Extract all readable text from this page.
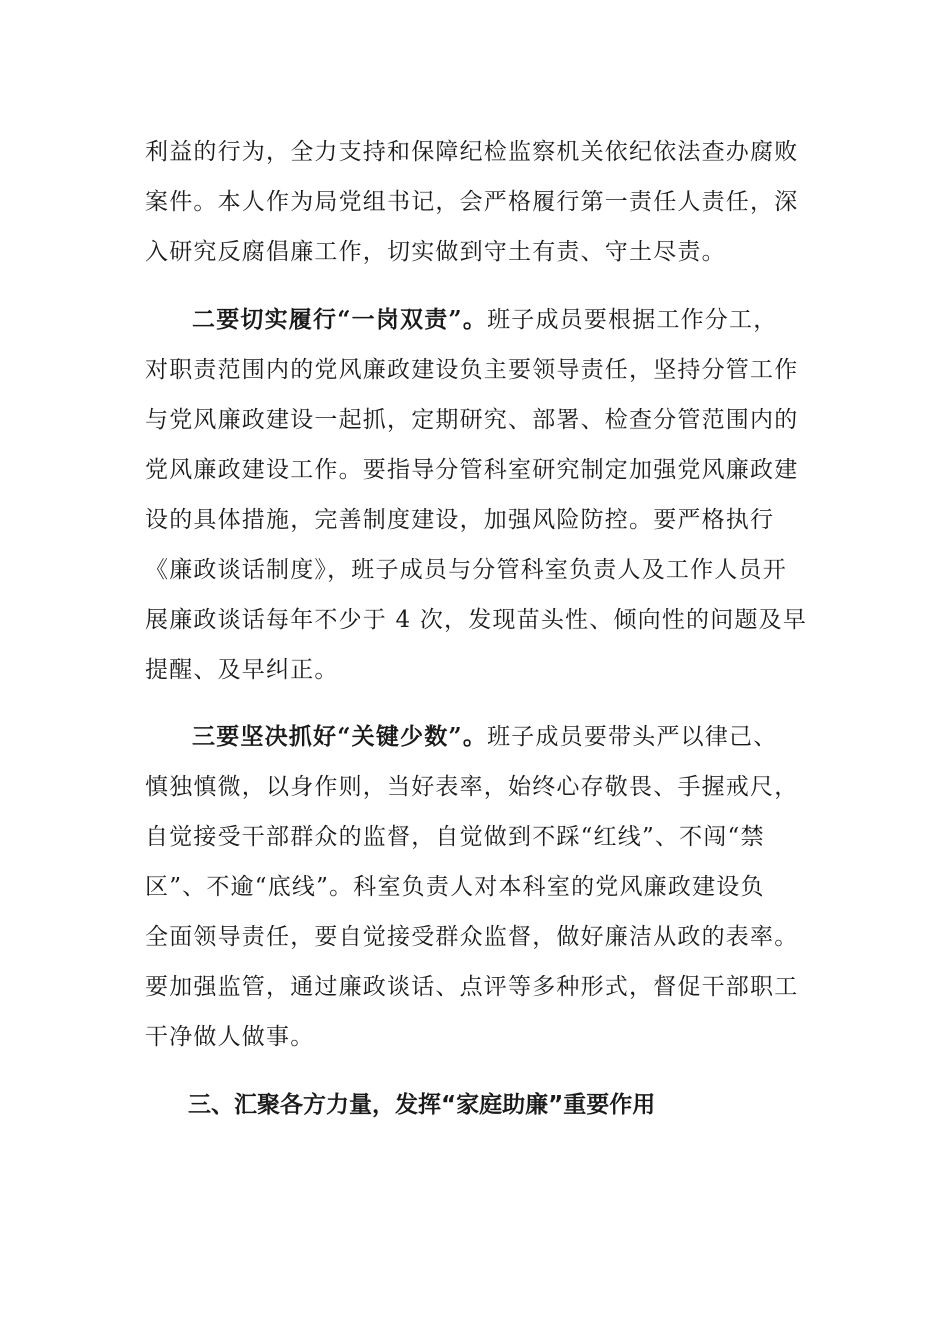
利益的行为，全力支持和保障纪检监察机关依纪依法查办腐败
案件。本人作为局党组书记，会严格履行第一责任人责任，深
入研究反腐倡廉工作，切实做到守土有责、守土尽责。
二要切实履行“一岗双责”。班子成员要根据工作分工，
对职责范围内的党风廉政建设负主要领导责任，坚持分管工作
与党风廉政建设一起抓，定期研究、部署、检查分管范围内的
党风廉政建设工作。要指导分管科室研究制定加强党风廉政建
设的具体措施，完善制度建设，加强风险防控。要严格执行
《廉政谈话制度》，班子成员与分管科室负责人及工作人员开
展廉政谈话每年不少于 4 次，发现苗头性、倾向性的问题及早
提醒、及早纠正。
三要坚决抓好“关键少数”。班子成员要带头严以律己、
慎独慎微，以身作则，当好表率，始终心存敬畏、手握戒尺，
自觉接受干部群众的监督，自觉做到不踩“红线”、不闯“禁
区”、不逾“底线”。科室负责人对本科室的党风廉政建设负
全面领导责任，要自觉接受群众监督，做好廉洁从政的表率。
要加强监管，通过廉政谈话、点评等多种形式，督促干部职工
干净做人做事。
三、汇聚各方力量，发挥“家庭助廉”重要作用
